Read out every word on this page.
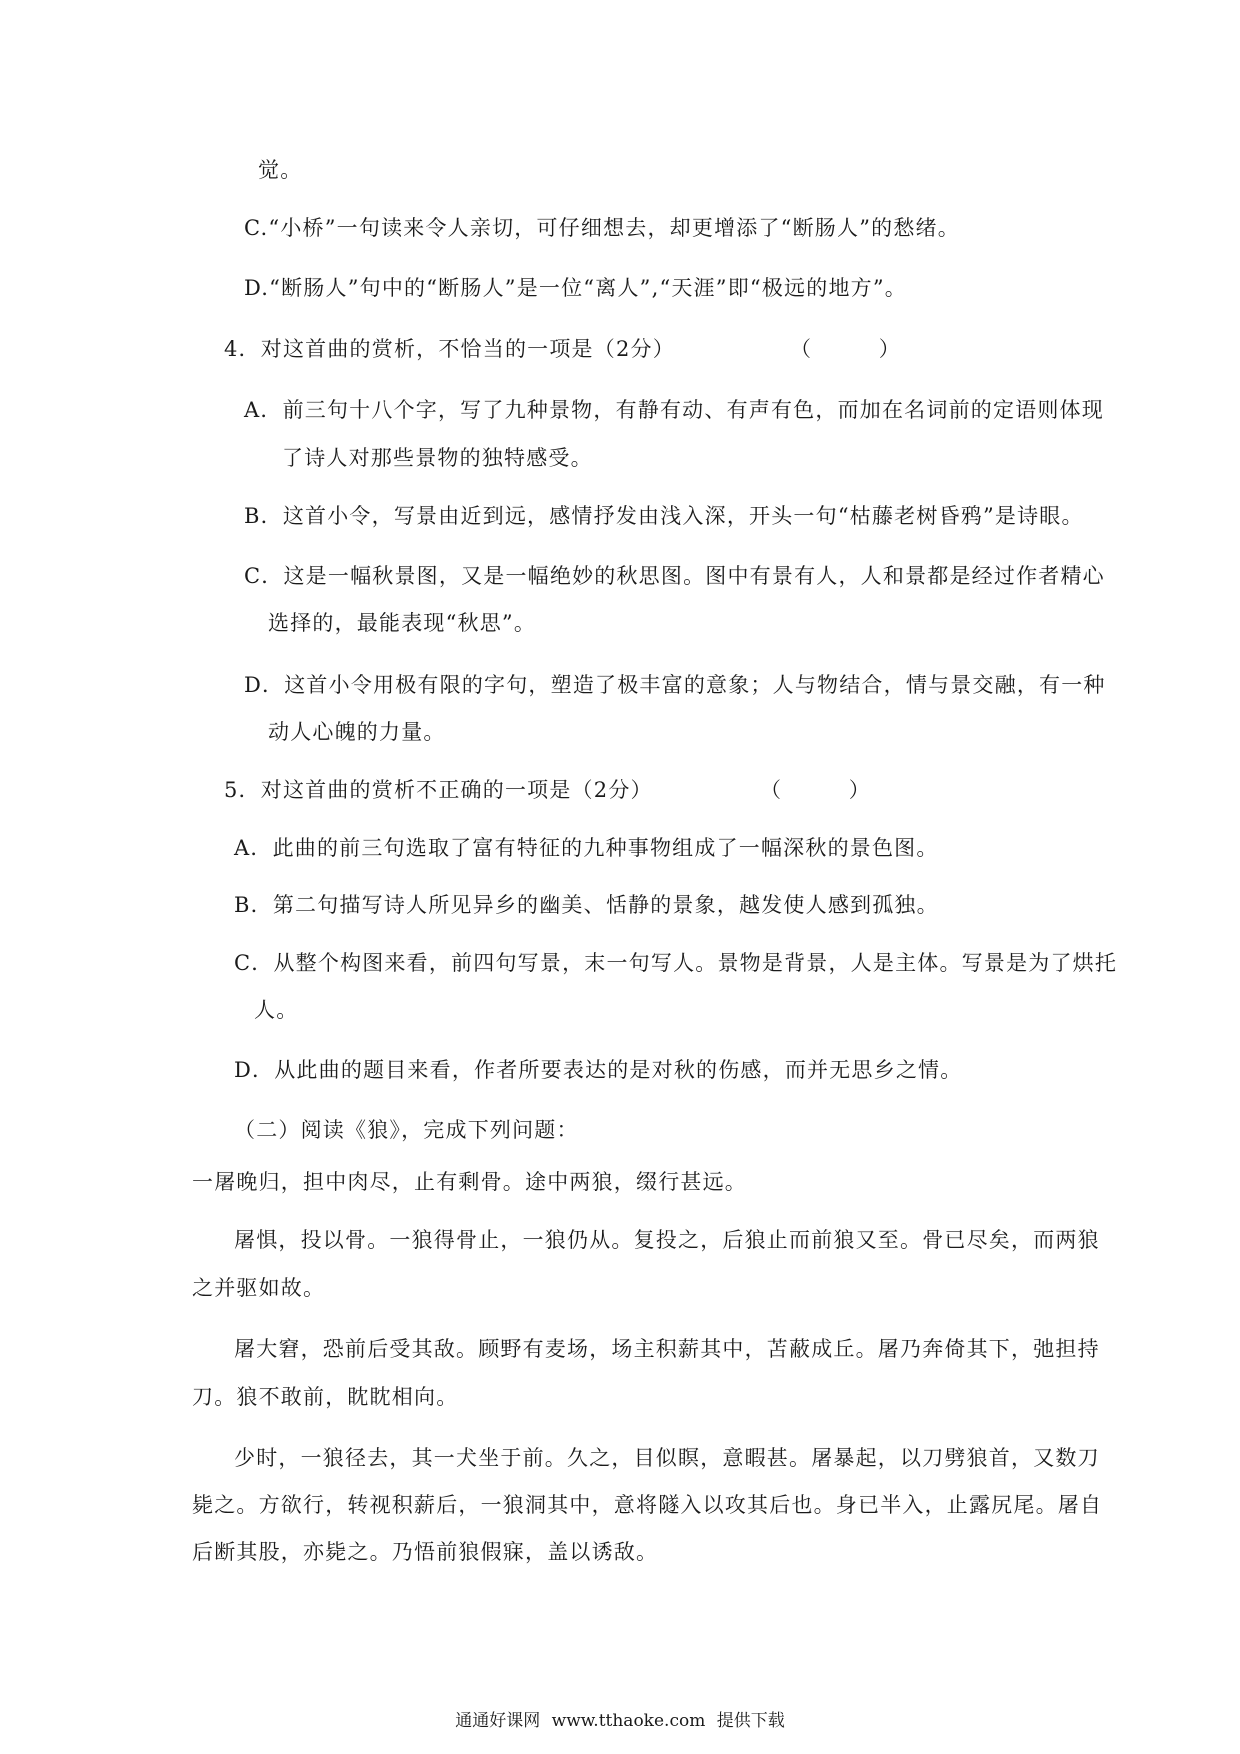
觉。

C.“小桥”一句读来令人亲切，可仔细想去，却更增添了“断肠人”的愁绪。

D.“断肠人”句中的“断肠人”是一位“离人”,“天涯”即“极远的地方”。

4．对这首曲的赏析，不恰当的一项是（2分）	（　　　）

A．前三句十八个字，写了九种景物，有静有动、有声有色，而加在名词前的定语则体现

了诗人对那些景物的独特感受。

B．这首小令，写景由近到远，感情抒发由浅入深，开头一句“枯藤老树昏鸦”是诗眼。

C．这是一幅秋景图，又是一幅绝妙的秋思图。图中有景有人，人和景都是经过作者精心

选择的，最能表现“秋思”。

D．这首小令用极有限的字句，塑造了极丰富的意象；人与物结合，情与景交融，有一种

动人心魄的力量。

5．对这首曲的赏析不正确的一项是（2分）	（　　　）

A．此曲的前三句选取了富有特征的九种事物组成了一幅深秋的景色图。

B．第二句描写诗人所见异乡的幽美、恬静的景象，越发使人感到孤独。

C．从整个构图来看，前四句写景，末一句写人。景物是背景，人是主体。写景是为了烘托

人。

D．从此曲的题目来看，作者所要表达的是对秋的伤感，而并无思乡之情。

（二）阅读《狼》，完成下列问题：

一屠晚归，担中肉尽，止有剩骨。途中两狼，缀行甚远。

屠惧，投以骨。一狼得骨止，一狼仍从。复投之，后狼止而前狼又至。骨已尽矣，而两狼

之并驱如故。

屠大窘，恐前后受其敌。顾野有麦场，场主积薪其中，苫蔽成丘。屠乃奔倚其下，弛担持

刀。狼不敢前，眈眈相向。

少时，一狼径去，其一犬坐于前。久之，目似瞑，意暇甚。屠暴起，以刀劈狼首，又数刀

毙之。方欲行，转视积薪后，一狼洞其中，意将隧入以攻其后也。身已半入，止露尻尾。屠自

后断其股，亦毙之。乃悟前狼假寐，盖以诱敌。

通通好课网 www.tthaoke.com 提供下载
